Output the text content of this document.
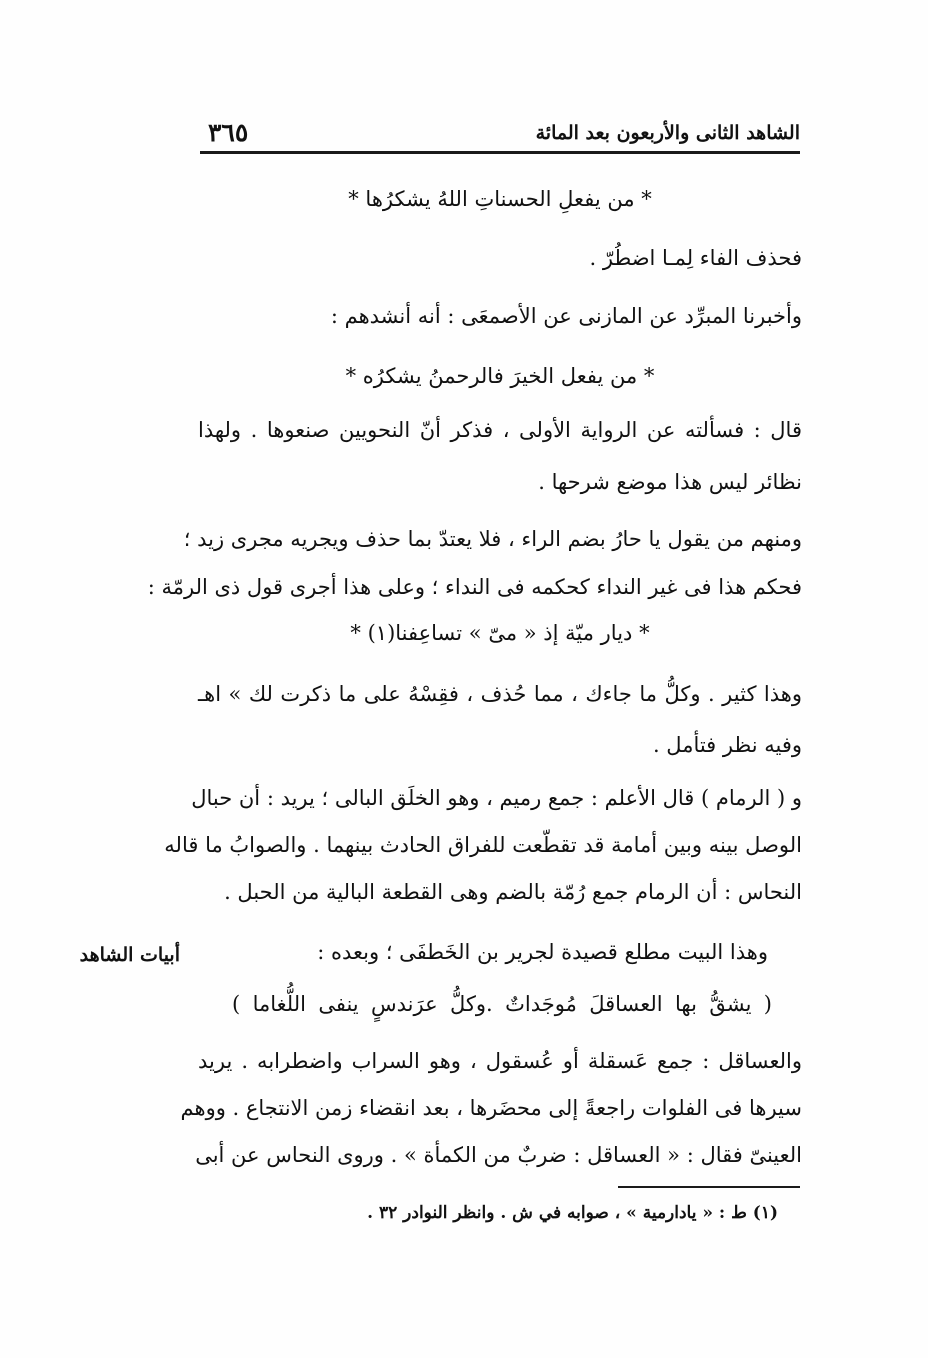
الشاهد الثانى والأربعون بعد المائة
٣٦٥
* من يفعلِ الحسناتِ اللهُ يشكرُها *
فحذف الفاء لِمـا اضطُرّ .
وأخبرنا المبرِّد عن المازنى عن الأصمعَى : أنه أنشدهم :
* من يفعل الخيرَ فالرحمنُ يشكرُه *
قال : فسألته عن الرواية الأولى ، فذكر أنّ النحويين صنعوها . ولهذا
نظائر ليس هذا موضع شرحها .
ومنهم من يقول يا حارُ بضم الراء ، فلا يعتدّ بما حذف ويجريه مجرى زيد ؛
فحكم هذا فى غير النداء كحكمه فى النداء ؛ وعلى هذا أجرى قول ذى الرمّة :
* ديار ميّة إذ « مىّ » تساعِفنا(١) *
وهذا كثير . وكلُّ ما جاءك ، مما حُذف ، فقِسْهُ على ما ذكرت لك » اهـ
وفيه نظر فتأمل .
و ( الرمام ) قال الأعلم : جمع رميم ، وهو الخلَق البالى ؛ يريد : أن حبال
الوصل بينه وبين أمامة قد تقطّعت للفراق الحادث بينهما . والصوابُ ما قاله
النحاس : أن الرمام جمع رُمّة بالضم وهى القطعة البالية من الحبل .
وهذا البيت مطلع قصيدة لجرير بن الخَطفَى ؛ وبعده :
( يشقُّ بها العساقلَ مُوجَداتٌ .وكلُّ عرَندسٍ ينفى اللُّغاما )
والعساقل : جمع عَسقلة أو عُسقول ، وهو السراب واضطرابه . يريد
سيرها فى الفلوات راجعةً إلى محضَرها ، بعد انقضاء زمن الانتجاع . ووهم
العينىّ فقال : « العساقل : ضربٌ من الكمأة » . وروى النحاس عن أبى
أبيات الشاهد
(١) ط : « يادارمية » ، صوابه في ش . وانظر النوادر ٣٢ .
